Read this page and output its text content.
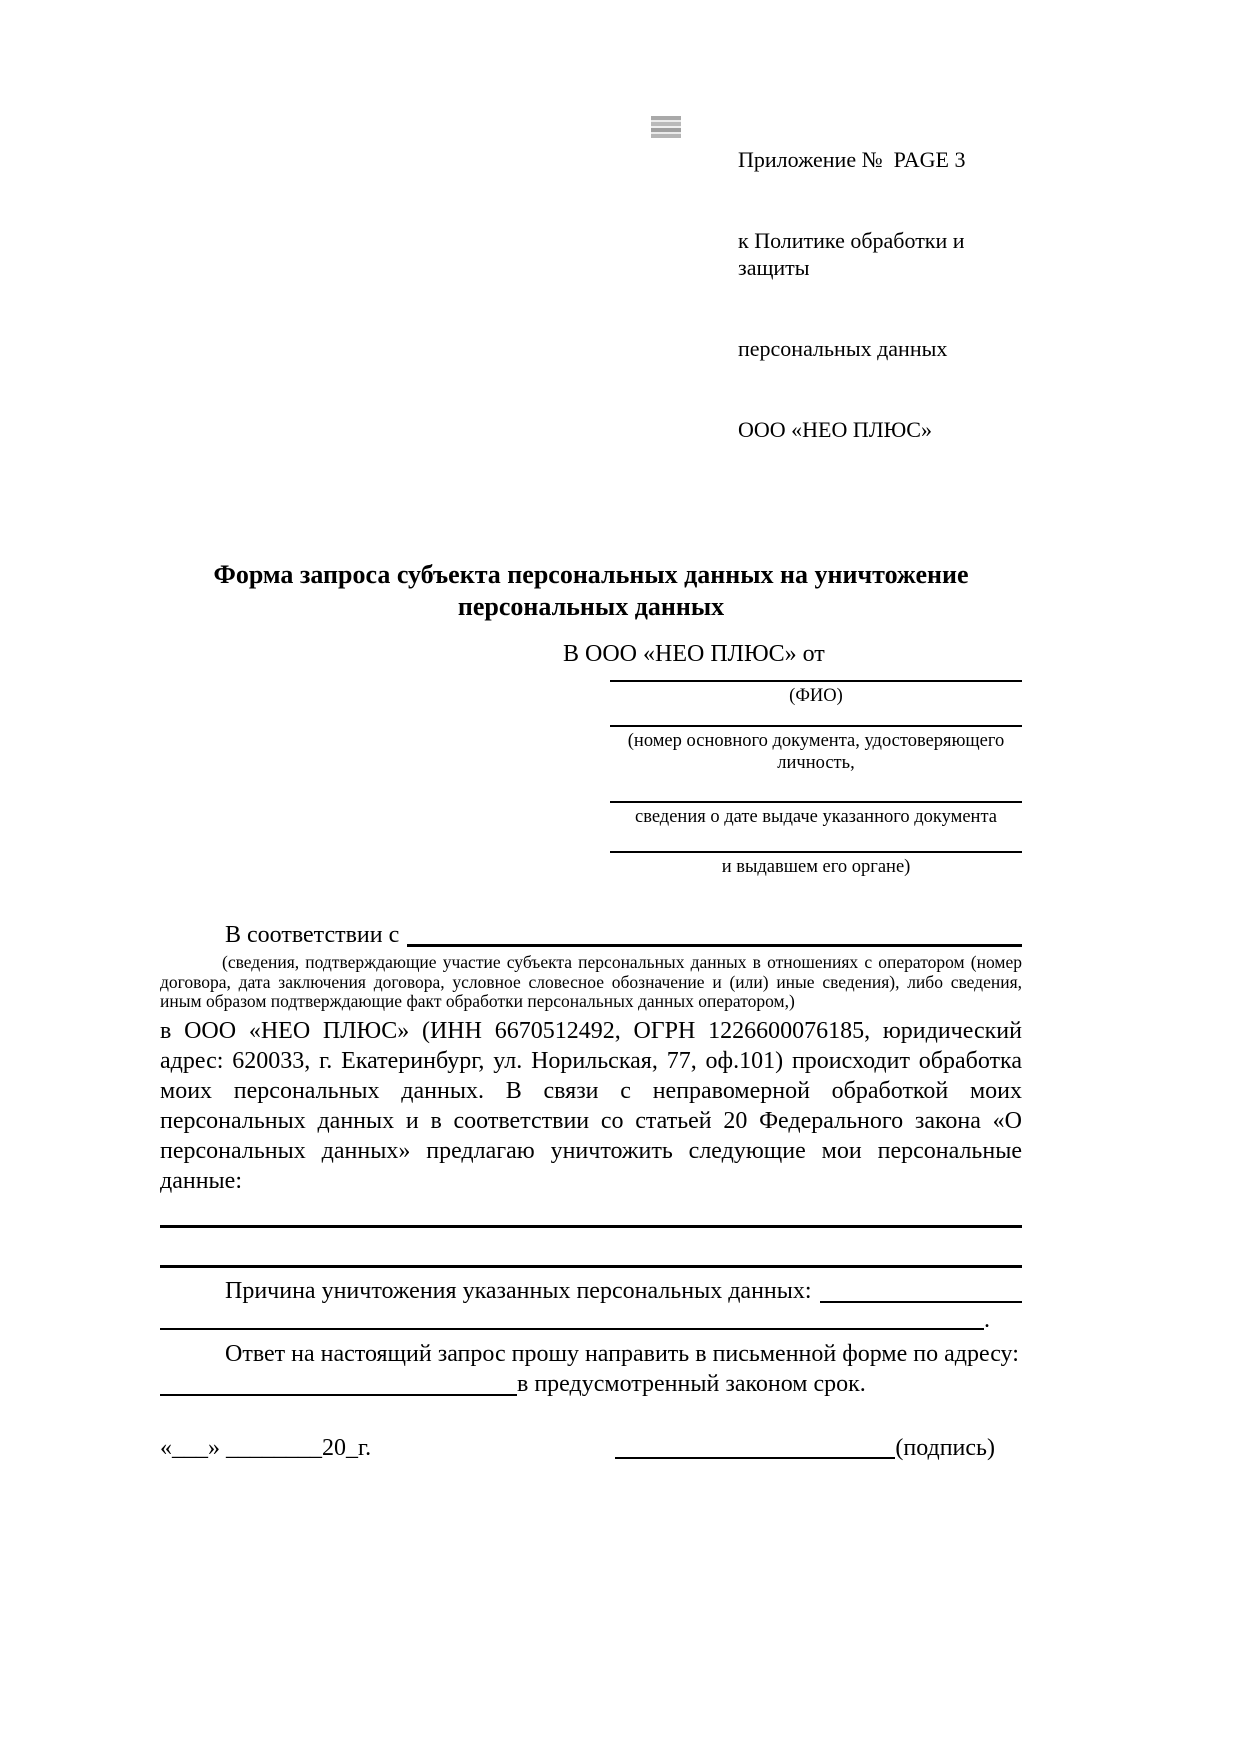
Приложение №  PAGE 3

к Политике обработки и защиты

персональных данных

ООО «НЕО ПЛЮС»

Форма запроса субъекта персональных данных на уничтожение персональных данных
В ООО «НЕО ПЛЮС» от
(ФИО)
(номер основного документа, удостоверяющего личность,
сведения о дате выдаче указанного документа
и выдавшем его органе)
В соответствии с
(сведения, подтверждающие участие субъекта персональных данных в отношениях с оператором (номер договора, дата заключения договора, условное словесное обозначение и (или) иные сведения), либо сведения, иным образом подтверждающие факт обработки персональных данных оператором,)
в ООО «НЕО ПЛЮС» (ИНН 6670512492, ОГРН 1226600076185, юридический адрес: 620033, г. Екатеринбург, ул. Норильская, 77, оф.101) происходит обработка моих персональных данных. В связи с неправомерной обработкой моих персональных данных и в соответствии со статьей 20 Федерального закона «О персональных данных» предлагаю уничтожить следующие мои персональные данные:
Причина уничтожения указанных персональных данных:
.
Ответ на настоящий запрос прошу направить в письменной форме по адресу:
в предусмотренный законом срок.
«___» ________20_г.	(подпись)
